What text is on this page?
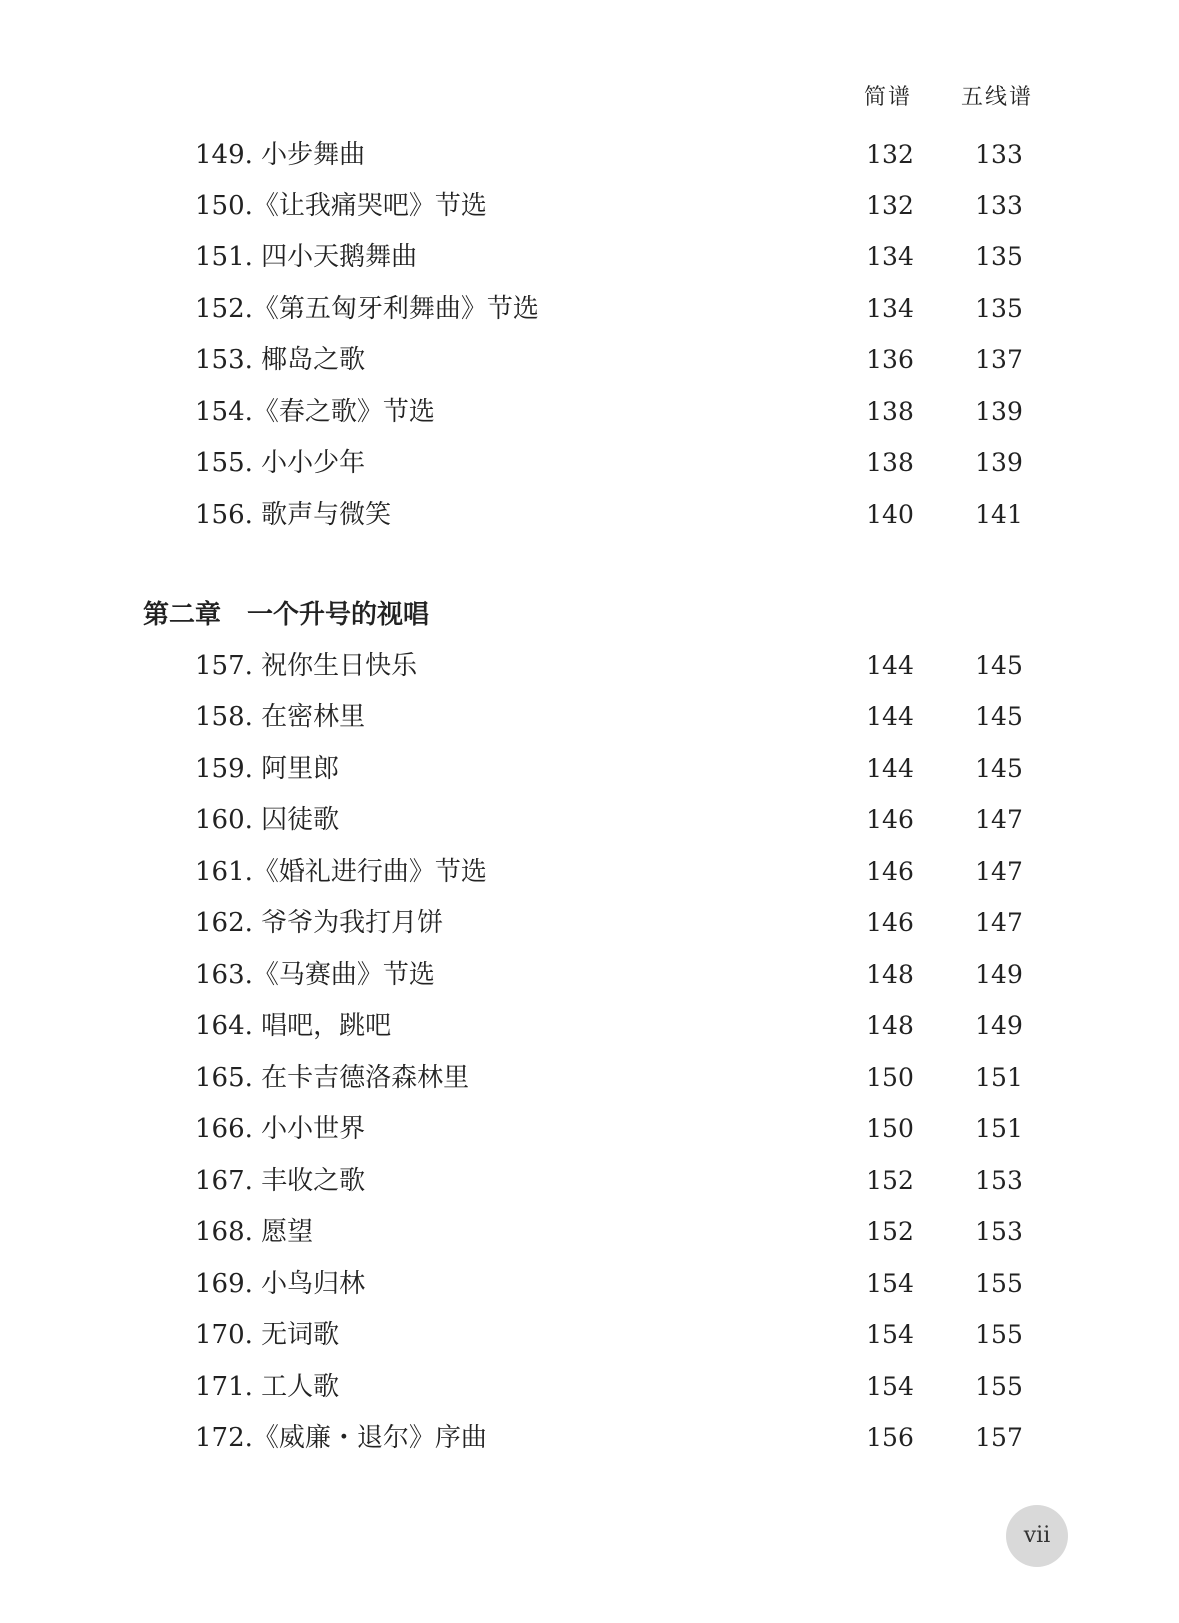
简谱	五线谱
149. 小步舞曲	132	133
150.《让我痛哭吧》节选	132	133
151. 四小天鹅舞曲	134	135
152.《第五匈牙利舞曲》节选	134	135
153. 椰岛之歌	136	137
154.《春之歌》节选	138	139
155. 小小少年	138	139
156. 歌声与微笑	140	141
第二章　一个升号的视唱
157. 祝你生日快乐	144	145
158. 在密林里	144	145
159. 阿里郎	144	145
160. 囚徒歌	146	147
161.《婚礼进行曲》节选	146	147
162. 爷爷为我打月饼	146	147
163.《马赛曲》节选	148	149
164. 唱吧，跳吧	148	149
165. 在卡吉德洛森林里	150	151
166. 小小世界	150	151
167. 丰收之歌	152	153
168. 愿望	152	153
169. 小鸟归林	154	155
170. 无词歌	154	155
171. 工人歌	154	155
172.《威廉・退尔》序曲	156	157
vii
